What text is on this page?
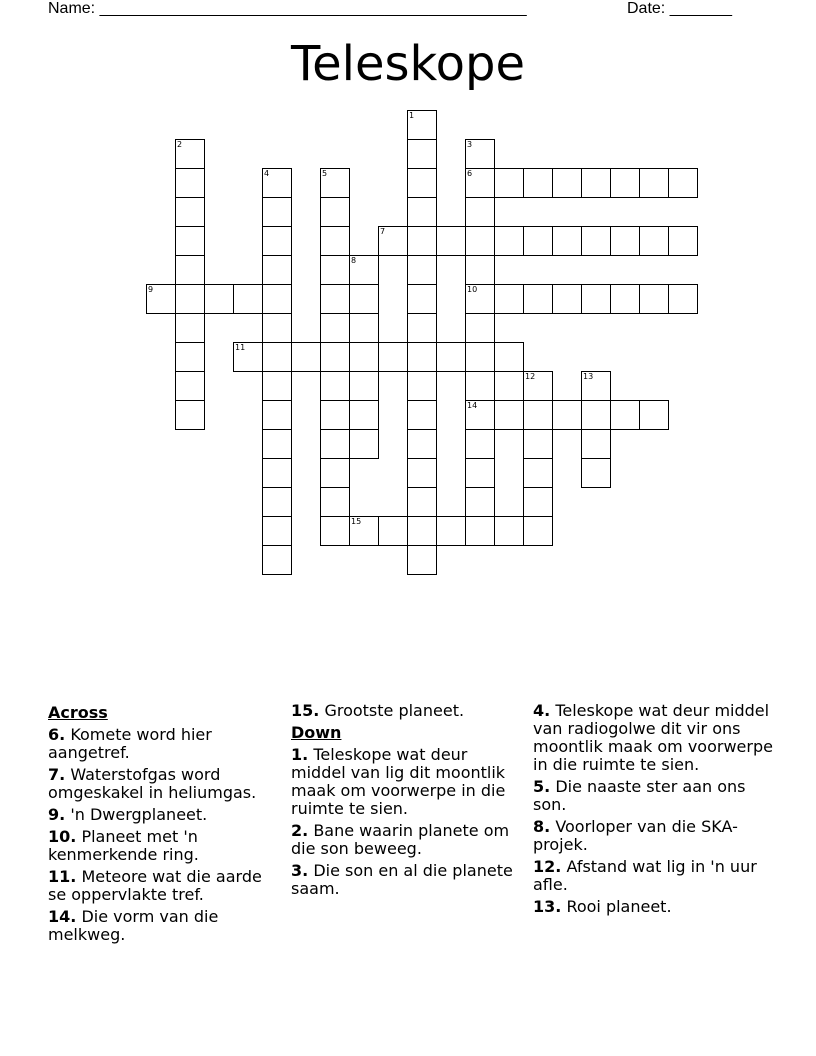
Name: ________________________________________________	Date: _______
Teleskope
1
2	3
6
10
14
4	5
7
8
9
11
12	13
15
Across
6. Komete word hier aangetref.
7. Waterstofgas word omgeskakel in heliumgas.
9. 'n Dwergplaneet.
10. Planeet met 'n kenmerkende ring.
11. Meteore wat die aarde se oppervlakte tref.
14. Die vorm van die melkweg.
15. Grootste planeet.
Down
1. Teleskope wat deur middel van lig dit moontlik maak om voorwerpe in die ruimte te sien.
2. Bane waarin planete om die son beweeg.
3. Die son en al die planete saam.
4. Teleskope wat deur middel van radiogolwe dit vir ons moontlik maak om voorwerpe in die ruimte te sien.
5. Die naaste ster aan ons son.
8. Voorloper van die SKA-projek.
12. Afstand wat lig in 'n uur afle.
13. Rooi planeet.
